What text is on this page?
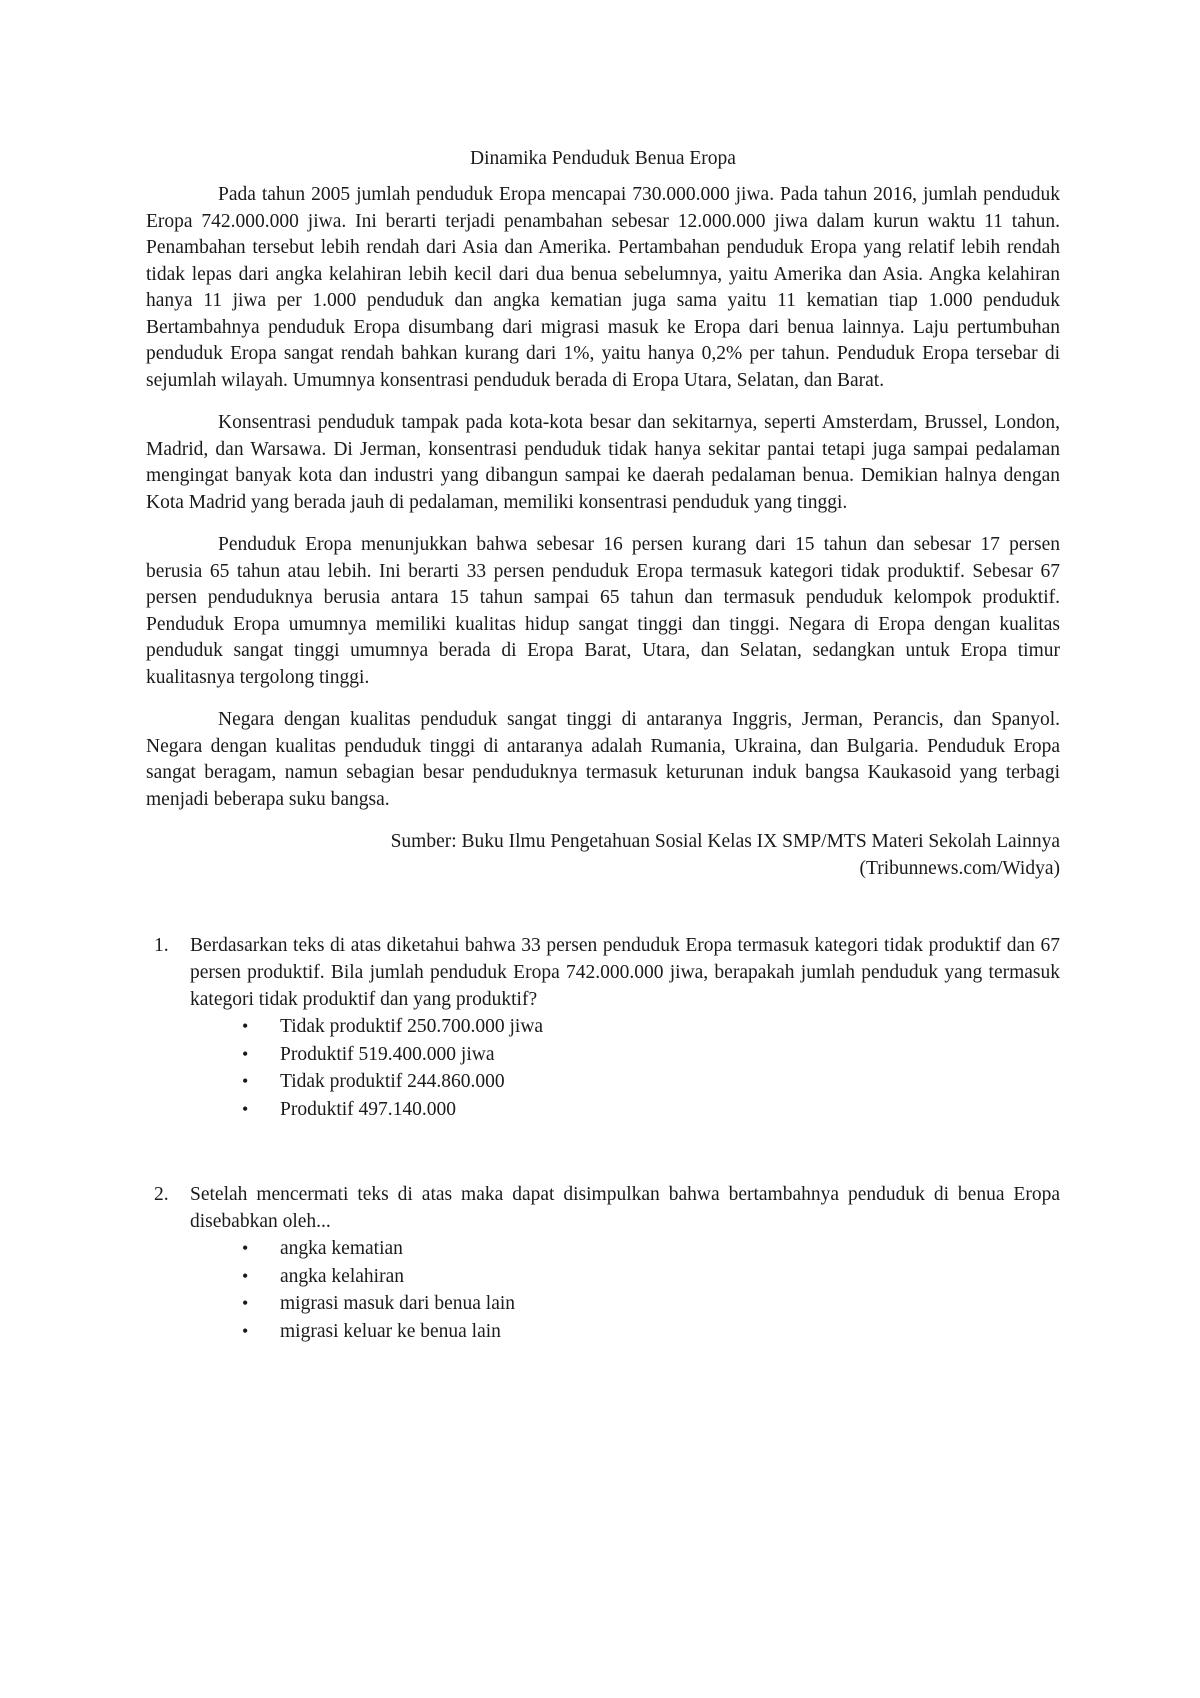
Dinamika Penduduk Benua Eropa

Pada tahun 2005 jumlah penduduk Eropa mencapai 730.000.000 jiwa. Pada tahun 2016, jumlah penduduk Eropa 742.000.000 jiwa. Ini berarti terjadi penambahan sebesar 12.000.000 jiwa dalam kurun waktu 11 tahun. Penambahan tersebut lebih rendah dari Asia dan Amerika. Pertambahan penduduk Eropa yang relatif lebih rendah tidak lepas dari angka kelahiran lebih kecil dari dua benua sebelumnya, yaitu Amerika dan Asia. Angka kelahiran hanya 11 jiwa per 1.000 penduduk dan angka kematian juga sama yaitu 11 kematian tiap 1.000 penduduk Bertambahnya penduduk Eropa disumbang dari migrasi masuk ke Eropa dari benua lainnya. Laju pertumbuhan penduduk Eropa sangat rendah bahkan kurang dari 1%, yaitu hanya 0,2% per tahun. Penduduk Eropa tersebar di sejumlah wilayah. Umumnya konsentrasi penduduk berada di Eropa Utara, Selatan, dan Barat.

Konsentrasi penduduk tampak pada kota-kota besar dan sekitarnya, seperti Amsterdam, Brussel, London, Madrid, dan Warsawa. Di Jerman, konsentrasi penduduk tidak hanya sekitar pantai tetapi juga sampai pedalaman mengingat banyak kota dan industri yang dibangun sampai ke daerah pedalaman benua. Demikian halnya dengan Kota Madrid yang berada jauh di pedalaman, memiliki konsentrasi penduduk yang tinggi.

Penduduk Eropa menunjukkan bahwa sebesar 16 persen kurang dari 15 tahun dan sebesar 17 persen berusia 65 tahun atau lebih. Ini berarti 33 persen penduduk Eropa termasuk kategori tidak produktif. Sebesar 67 persen penduduknya berusia antara 15 tahun sampai 65 tahun dan termasuk penduduk kelompok produktif. Penduduk Eropa umumnya memiliki kualitas hidup sangat tinggi dan tinggi. Negara di Eropa dengan kualitas penduduk sangat tinggi umumnya berada di Eropa Barat, Utara, dan Selatan, sedangkan untuk Eropa timur kualitasnya tergolong tinggi.

Negara dengan kualitas penduduk sangat tinggi di antaranya Inggris, Jerman, Perancis, dan Spanyol. Negara dengan kualitas penduduk tinggi di antaranya adalah Rumania, Ukraina, dan Bulgaria. Penduduk Eropa sangat beragam, namun sebagian besar penduduknya termasuk keturunan induk bangsa Kaukasoid yang terbagi menjadi beberapa suku bangsa.

Sumber: Buku Ilmu Pengetahuan Sosial Kelas IX SMP/MTS Materi Sekolah Lainnya
(Tribunnews.com/Widya)

1. Berdasarkan teks di atas diketahui bahwa 33 persen penduduk Eropa termasuk kategori tidak produktif dan 67 persen produktif. Bila jumlah penduduk Eropa 742.000.000 jiwa, berapakah jumlah penduduk yang termasuk kategori tidak produktif dan yang produktif?

• Tidak produktif 250.700.000 jiwa
• Produktif 519.400.000 jiwa
• Tidak produktif 244.860.000
• Produktif 497.140.000
2. Setelah mencermati teks di atas maka dapat disimpulkan bahwa bertambahnya penduduk di benua Eropa disebabkan oleh...

• angka kematian
• angka kelahiran
• migrasi masuk dari benua lain
• migrasi keluar ke benua lain
